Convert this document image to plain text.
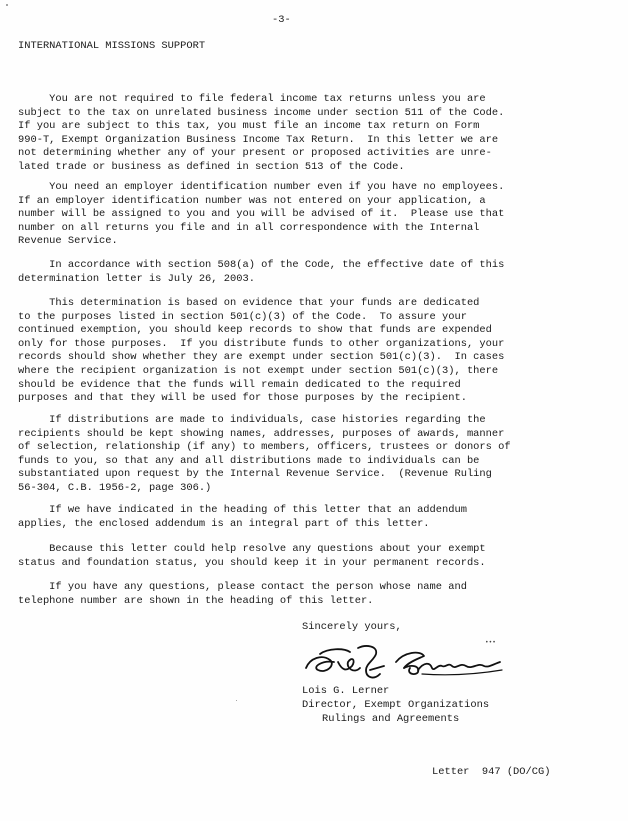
-3-
INTERNATIONAL MISSIONS SUPPORT
You are not required to file federal income tax returns unless you are
subject to the tax on unrelated business income under section 511 of the Code.
If you are subject to this tax, you must file an income tax return on Form
990-T, Exempt Organization Business Income Tax Return.  In this letter we are
not determining whether any of your present or proposed activities are unre-
lated trade or business as defined in section 513 of the Code.
You need an employer identification number even if you have no employees.
If an employer identification number was not entered on your application, a
number will be assigned to you and you will be advised of it.  Please use that
number on all returns you file and in all correspondence with the Internal
Revenue Service.
In accordance with section 508(a) of the Code, the effective date of this
determination letter is July 26, 2003.
This determination is based on evidence that your funds are dedicated
to the purposes listed in section 501(c)(3) of the Code.  To assure your
continued exemption, you should keep records to show that funds are expended
only for those purposes.  If you distribute funds to other organizations, your
records should show whether they are exempt under section 501(c)(3).  In cases
where the recipient organization is not exempt under section 501(c)(3), there
should be evidence that the funds will remain dedicated to the required
purposes and that they will be used for those purposes by the recipient.
If distributions are made to individuals, case histories regarding the
recipients should be kept showing names, addresses, purposes of awards, manner
of selection, relationship (if any) to members, officers, trustees or donors of
funds to you, so that any and all distributions made to individuals can be
substantiated upon request by the Internal Revenue Service.  (Revenue Ruling
56-304, C.B. 1956-2, page 306.)
If we have indicated in the heading of this letter that an addendum
applies, the enclosed addendum is an integral part of this letter.
Because this letter could help resolve any questions about your exempt
status and foundation status, you should keep it in your permanent records.
If you have any questions, please contact the person whose name and
telephone number are shown in the heading of this letter.
Sincerely yours,
•••
Lois G. Lerner
Director, Exempt Organizations
Rulings and Agreements
Letter  947 (DO/CG)
